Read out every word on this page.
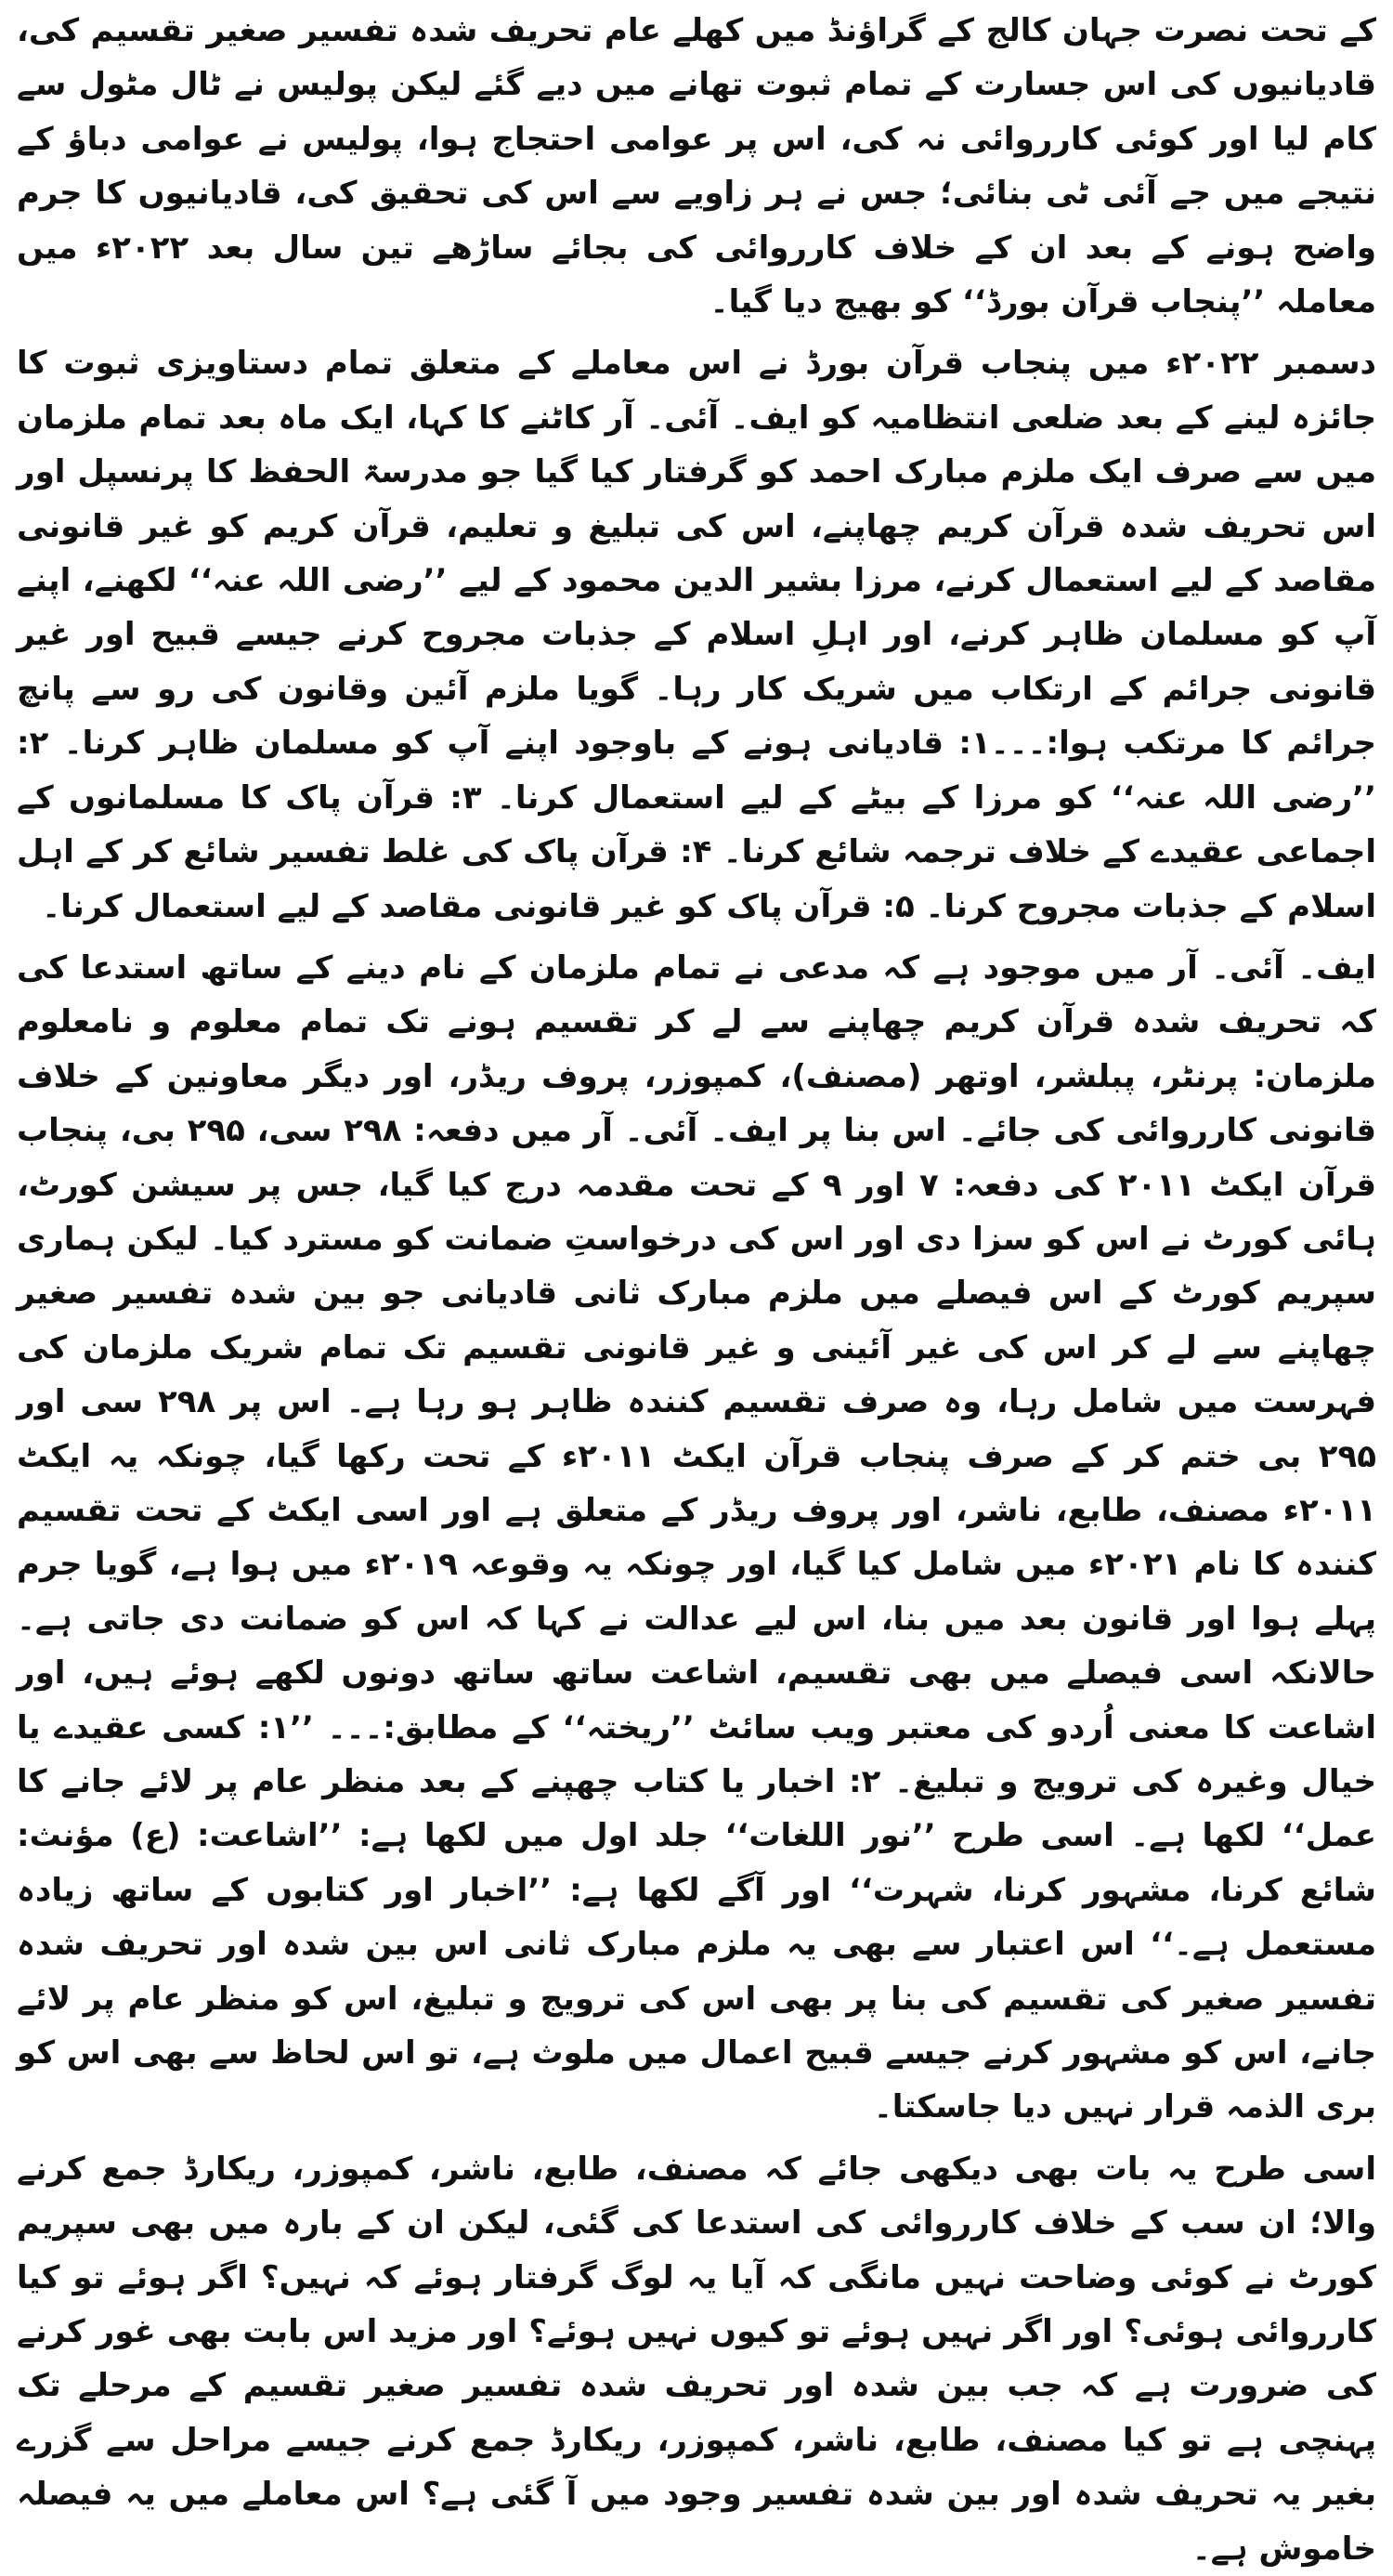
کے تحت نصرت جہان کالج کے گراؤنڈ میں کھلے عام تحریف شدہ تفسیر صغیر تقسیم کی، قادیانیوں کی اس جسارت کے تمام ثبوت تھانے میں دیے گئے لیکن پولیس نے ٹال مٹول سے کام لیا اور کوئی کارروائی نہ کی، اس پر عوامی احتجاج ہوا، پولیس نے عوامی دباؤ کے نتیجے میں جے آئی ٹی بنائی؛ جس نے ہر زاویے سے اس کی تحقیق کی، قادیانیوں کا جرم واضح ہونے کے بعد ان کے خلاف کارروائی کی بجائے ساڑھے تین سال بعد ۲۰۲۲ء میں معاملہ ’’پنجاب قرآن بورڈ‘‘ کو بھیج دیا گیا۔

دسمبر ۲۰۲۲ء میں پنجاب قرآن بورڈ نے اس معاملے کے متعلق تمام دستاویزی ثبوت کا جائزہ لینے کے بعد ضلعی انتظامیہ کو ایف۔ آئی۔ آر کاٹنے کا کہا، ایک ماہ بعد تمام ملزمان میں سے صرف ایک ملزم مبارک احمد کو گرفتار کیا گیا جو مدرسۃ الحفظ کا پرنسپل اور اس تحریف شدہ قرآن کریم چھاپنے، اس کی تبلیغ و تعلیم، قرآن کریم کو غیر قانونی مقاصد کے لیے استعمال کرنے، مرزا بشیر الدین محمود کے لیے ’’رضی اللہ عنہ‘‘ لکھنے، اپنے آپ کو مسلمان ظاہر کرنے، اور اہلِ اسلام کے جذبات مجروح کرنے جیسے قبیح اور غیر قانونی جرائم کے ارتکاب میں شریک کار رہا۔ گویا ملزم آئین وقانون کی رو سے پانچ جرائم کا مرتکب ہوا:۔۔۔۱: قادیانی ہونے کے باوجود اپنے آپ کو مسلمان ظاہر کرنا۔ ۲: ’’رضی اللہ عنہ‘‘ کو مرزا کے بیٹے کے لیے استعمال کرنا۔ ۳: قرآن پاک کا مسلمانوں کے اجماعی عقیدے کے خلاف ترجمہ شائع کرنا۔ ۴: قرآن پاک کی غلط تفسیر شائع کر کے اہل اسلام کے جذبات مجروح کرنا۔ ۵: قرآن پاک کو غیر قانونی مقاصد کے لیے استعمال کرنا۔

ایف۔ آئی۔ آر میں موجود ہے کہ مدعی نے تمام ملزمان کے نام دینے کے ساتھ استدعا کی کہ تحریف شدہ قرآن کریم چھاپنے سے لے کر تقسیم ہونے تک تمام معلوم و نامعلوم ملزمان: پرنٹر، پبلشر، اوتھر (مصنف)، کمپوزر، پروف ریڈر، اور دیگر معاونین کے خلاف قانونی کارروائی کی جائے۔ اس بنا پر ایف۔ آئی۔ آر میں دفعہ: ۲۹۸ سی، ۲۹۵ بی، پنجاب قرآن ایکٹ ۲۰۱۱ کی دفعہ: ۷ اور ۹ کے تحت مقدمہ درج کیا گیا، جس پر سیشن کورٹ، ہائی کورٹ نے اس کو سزا دی اور اس کی درخواستِ ضمانت کو مسترد کیا۔ لیکن ہماری سپریم کورٹ کے اس فیصلے میں ملزم مبارک ثانی قادیانی جو بین شدہ تفسیر صغیر چھاپنے سے لے کر اس کی غیر آئینی و غیر قانونی تقسیم تک تمام شریک ملزمان کی فہرست میں شامل رہا، وہ صرف تقسیم کنندہ ظاہر ہو رہا ہے۔ اس پر ۲۹۸ سی اور ۲۹۵ بی ختم کر کے صرف پنجاب قرآن ایکٹ ۲۰۱۱ء کے تحت رکھا گیا، چونکہ یہ ایکٹ ۲۰۱۱ء مصنف، طابع، ناشر، اور پروف ریڈر کے متعلق ہے اور اسی ایکٹ کے تحت تقسیم کنندہ کا نام ۲۰۲۱ء میں شامل کیا گیا، اور چونکہ یہ وقوعہ ۲۰۱۹ء میں ہوا ہے، گویا جرم پہلے ہوا اور قانون بعد میں بنا، اس لیے عدالت نے کہا کہ اس کو ضمانت دی جاتی ہے۔ حالانکہ اسی فیصلے میں بھی تقسیم، اشاعت ساتھ ساتھ دونوں لکھے ہوئے ہیں، اور اشاعت کا معنی اُردو کی معتبر ویب سائٹ ’’ریختہ‘‘ کے مطابق:۔۔۔ ’’۱: کسی عقیدے یا خیال وغیرہ کی ترویج و تبلیغ۔ ۲: اخبار یا کتاب چھپنے کے بعد منظر عام پر لائے جانے کا عمل‘‘ لکھا ہے۔ اسی طرح ’’نور اللغات‘‘ جلد اول میں لکھا ہے: ’’اشاعت: (ع) مؤنث: شائع کرنا، مشہور کرنا، شہرت‘‘ اور آگے لکھا ہے: ’’اخبار اور کتابوں کے ساتھ زیادہ مستعمل ہے۔‘‘ اس اعتبار سے بھی یہ ملزم مبارک ثانی اس بین شدہ اور تحریف شدہ تفسیر صغیر کی تقسیم کی بنا پر بھی اس کی ترویج و تبلیغ، اس کو منظر عام پر لائے جانے، اس کو مشہور کرنے جیسے قبیح اعمال میں ملوث ہے، تو اس لحاظ سے بھی اس کو بری الذمہ قرار نہیں دیا جاسکتا۔

اسی طرح یہ بات بھی دیکھی جائے کہ مصنف، طابع، ناشر، کمپوزر، ریکارڈ جمع کرنے والا؛ ان سب کے خلاف کارروائی کی استدعا کی گئی، لیکن ان کے بارہ میں بھی سپریم کورٹ نے کوئی وضاحت نہیں مانگی کہ آیا یہ لوگ گرفتار ہوئے کہ نہیں؟ اگر ہوئے تو کیا کارروائی ہوئی؟ اور اگر نہیں ہوئے تو کیوں نہیں ہوئے؟ اور مزید اس بابت بھی غور کرنے کی ضرورت ہے کہ جب بین شدہ اور تحریف شدہ تفسیر صغیر تقسیم کے مرحلے تک پہنچی ہے تو کیا مصنف، طابع، ناشر، کمپوزر، ریکارڈ جمع کرنے جیسے مراحل سے گزرے بغیر یہ تحریف شدہ اور بین شدہ تفسیر وجود میں آ گئی ہے؟ اس معاملے میں یہ فیصلہ خاموش ہے۔
